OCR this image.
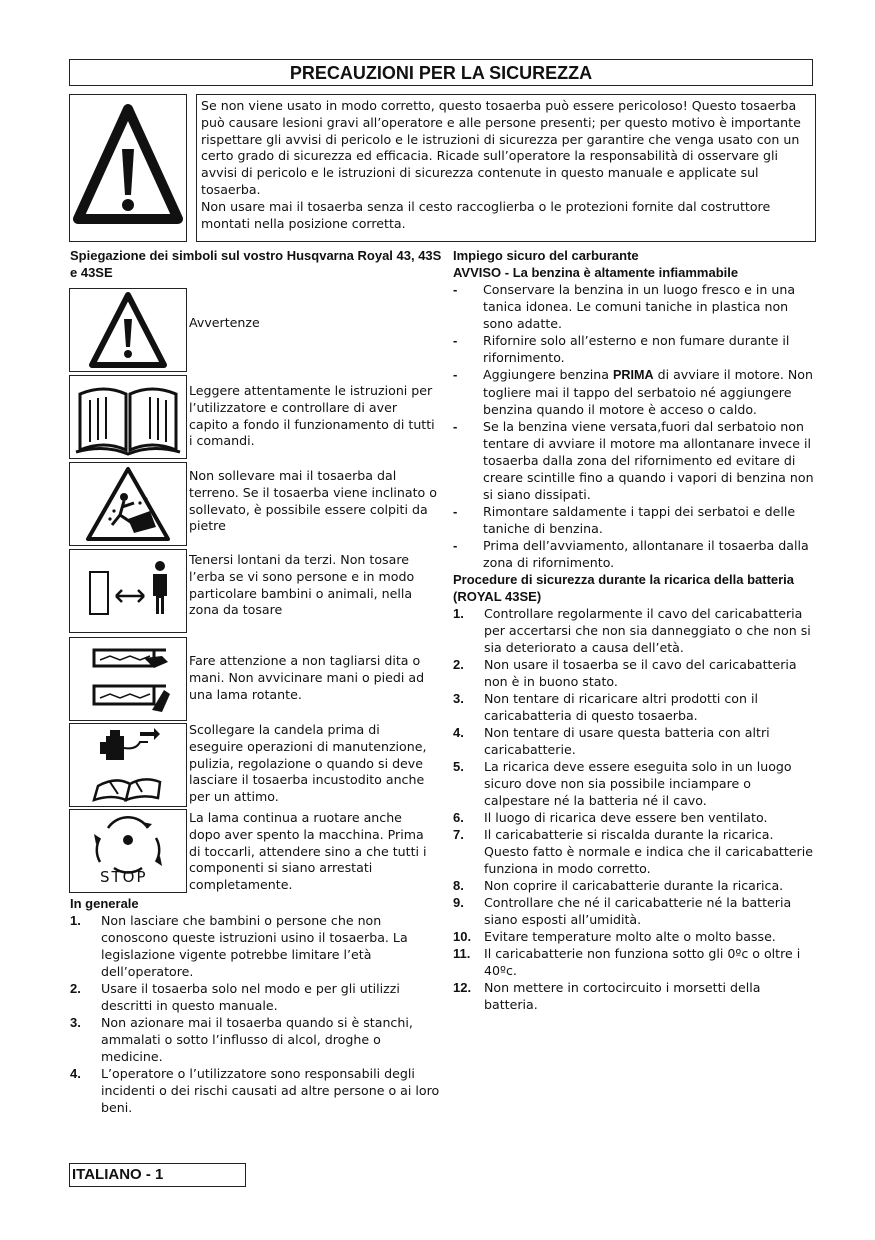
PRECAUZIONI PER LA SICUREZZA

Se non viene usato in modo corretto, questo tosaerba può essere pericoloso! Questo tosaerba può causare lesioni gravi all’operatore e alle persone presenti; per questo motivo è importante rispettare gli avvisi di pericolo e le istruzioni di sicurezza per garantire che venga usato con un certo grado di sicurezza ed efficacia. Ricade sull’operatore la responsabilità di osservare gli avvisi di pericolo e le istruzioni di sicurezza contenute in questo manuale e applicate sul tosaerba.

Non usare mai il tosaerba senza il cesto raccoglierba o le protezioni fornite dal costruttore montati nella posizione corretta.

Spiegazione dei simboli sul vostro Husqvarna Royal 43, 43S e 43SE
Avvertenze
Leggere attentamente le istruzioni per l’utilizzatore e controllare di aver capito a fondo il funzionamento di tutti i comandi.
Non sollevare mai il tosaerba dal terreno. Se il tosaerba viene inclinato o sollevato, è possibile essere colpiti da pietre
Tenersi lontani da terzi. Non tosare l’erba se vi sono persone e in modo particolare bambini o animali, nella zona da tosare
Fare attenzione a non tagliarsi dita o mani. Non avvicinare mani o piedi ad una lama rotante.
Scollegare la candela prima di eseguire operazioni di manutenzione, pulizia, regolazione o quando si deve lasciare il tosaerba incustodito anche per un attimo.
STOP
La lama continua a ruotare anche dopo aver spento la macchina. Prima di toccarli, attendere sino a che tutti i componenti si siano arrestati completamente.
In generale
1. Non lasciare che bambini o persone che non conoscono queste istruzioni usino il tosaerba. La legislazione vigente potrebbe limitare l’età dell’operatore.
2. Usare il tosaerba solo nel modo e per gli utilizzi descritti in questo manuale.
3. Non azionare mai il tosaerba quando si è stanchi, ammalati o sotto l’influsso di alcol, droghe o medicine.
4. L’operatore o l’utilizzatore sono responsabili degli incidenti o dei rischi causati ad altre persone o ai loro beni.
Impiego sicuro del carburante
AVVISO - La benzina è altamente infiammabile
- Conservare la benzina in un luogo fresco e in una tanica idonea. Le comuni taniche in plastica non sono adatte.
- Rifornire solo all’esterno e non fumare durante il rifornimento.
- Aggiungere benzina PRIMA di avviare il motore. Non togliere mai il tappo del serbatoio né aggiungere benzina quando il motore è acceso o caldo.
- Se la benzina viene versata,fuori dal serbatoio non tentare di avviare il motore ma allontanare invece il tosaerba dalla zona del rifornimento ed evitare di creare scintille fino a quando i vapori di benzina non si siano dissipati.
- Rimontare saldamente i tappi dei serbatoi e delle taniche di benzina.
- Prima dell’avviamento, allontanare il tosaerba dalla zona di rifornimento.
Procedure di sicurezza durante la ricarica della batteria (ROYAL 43SE)
1. Controllare regolarmente il cavo del caricabatteria per accertarsi che non sia danneggiato o che non si sia deteriorato a causa dell’età.
2. Non usare il tosaerba se il cavo del caricabatteria non è in buono stato.
3. Non tentare di ricaricare altri prodotti con il caricabatteria di questo tosaerba.
4. Non tentare di usare questa batteria con altri caricabatterie.
5. La ricarica deve essere eseguita solo in un luogo sicuro dove non sia possibile inciampare o calpestare né la batteria né il cavo.
6. Il luogo di ricarica deve essere ben ventilato.
7. Il caricabatterie si riscalda durante la ricarica. Questo fatto è normale e indica che il caricabatterie funziona in modo corretto.
8. Non coprire il caricabatterie durante la ricarica.
9. Controllare che né il caricabatterie né la batteria siano esposti all’umidità.
10. Evitare temperature molto alte o molto basse.
11. Il caricabatterie non funziona sotto gli 0ºc o oltre i 40ºc.
12. Non mettere in cortocircuito i morsetti della batteria.
ITALIANO - 1
